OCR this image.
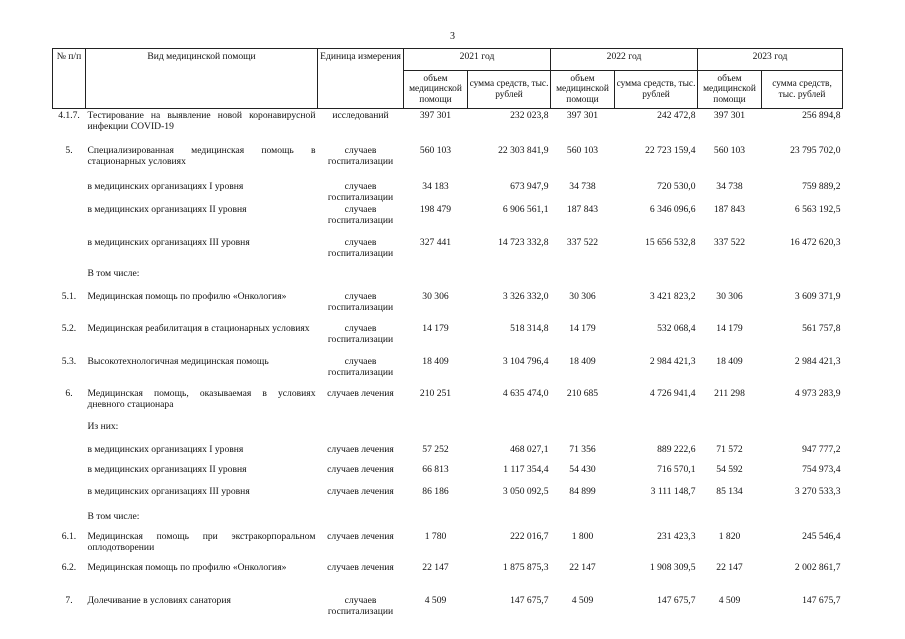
3
№ п/п	Вид медицинской помощи	Единица измерения	2021 год		2022 год		2023 год	
			объем медицинской помощи	сумма средств, тыс. рублей	объем медицинской помощи	сумма средств, тыс. рублей	объем медицинской помощи	сумма средств, тыс. рублей
4.1.7.	Тестирование на выявление новой коронавирусной инфекции COVID-19	исследований	397 301	232 023,8	397 301	242 472,8	397 301	256 894,8
5.	Специализированная медицинская помощь в стационарных условиях	случаев госпитализации	560 103	22 303 841,9	560 103	22 723 159,4	560 103	23 795 702,0
	в медицинских организациях I уровня	случаев госпитализации	34 183	673 947,9	34 738	720 530,0	34 738	759 889,2
	в медицинских организациях II уровня	случаев госпитализации	198 479	6 906 561,1	187 843	6 346 096,6	187 843	6 563 192,5
	в медицинских организациях III уровня	случаев госпитализации	327 441	14 723 332,8	337 522	15 656 532,8	337 522	16 472 620,3
	В том числе:							
5.1.	Медицинская помощь по профилю «Онкология»	случаев госпитализации	30 306	3 326 332,0	30 306	3 421 823,2	30 306	3 609 371,9
5.2.	Медицинская реабилитация в стационарных условиях	случаев госпитализации	14 179	518 314,8	14 179	532 068,4	14 179	561 757,8
5.3.	Высокотехнологичная медицинская помощь	случаев госпитализации	18 409	3 104 796,4	18 409	2 984 421,3	18 409	2 984 421,3
6.	Медицинская помощь, оказываемая в условиях дневного стационара	случаев лечения	210 251	4 635 474,0	210 685	4 726 941,4	211 298	4 973 283,9
	Из них:							
	в медицинских организациях I уровня	случаев лечения	57 252	468 027,1	71 356	889 222,6	71 572	947 777,2
	в медицинских организациях II уровня	случаев лечения	66 813	1 117 354,4	54 430	716 570,1	54 592	754 973,4
	в медицинских организациях III уровня	случаев лечения	86 186	3 050 092,5	84 899	3 111 148,7	85 134	3 270 533,3
	В том числе:							
6.1.	Медицинская помощь при экстракорпоральном оплодотворении	случаев лечения	1 780	222 016,7	1 800	231 423,3	1 820	245 546,4
6.2.	Медицинская помощь по профилю «Онкология»	случаев лечения	22 147	1 875 875,3	22 147	1 908 309,5	22 147	2 002 861,7
7.	Долечивание в условиях санатория	случаев госпитализации	4 509	147 675,7	4 509	147 675,7	4 509	147 675,7
